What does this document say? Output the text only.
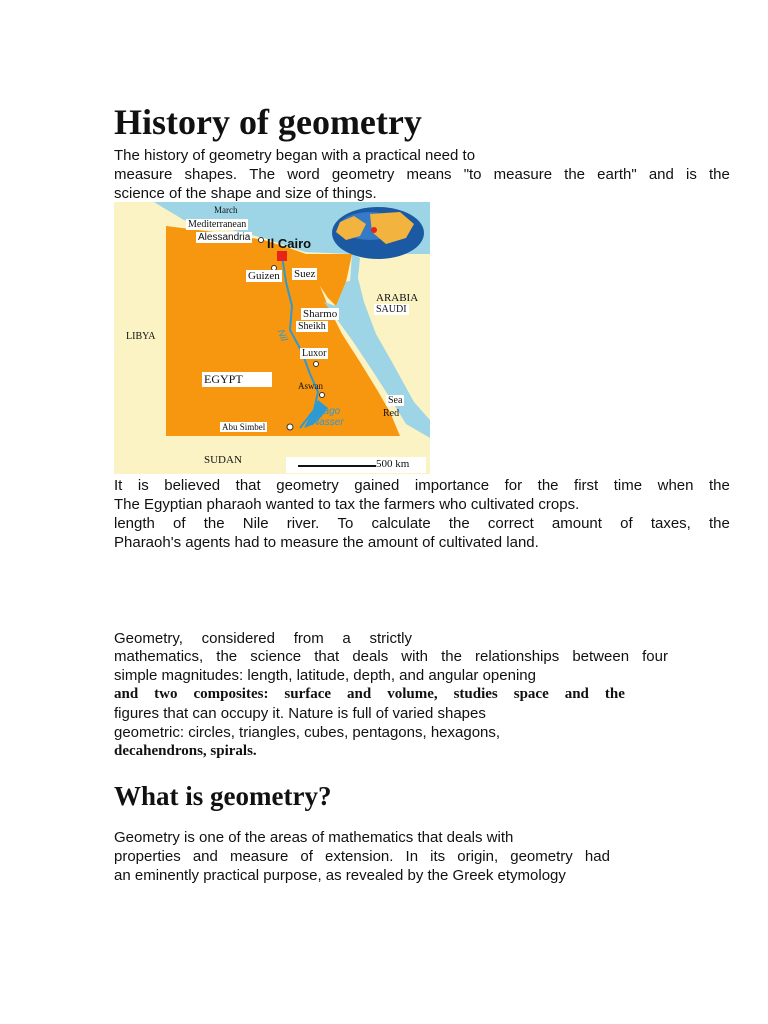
History of geometry
The history of geometry began with a practical need to
measure shapes. The word geometry means "to measure the earth" and is the
science of the shape and size of things.
March
Mediterranean
Alessandria Il Cairo
Guizen Suez
ARABIA
SAUDI
LIBYA
Sharmo
Sheikh
Nil
Luxor
EGYPT	Aswan
Sea
Red
Lago
Nasser
Abu Simbel
SUDAN	500 km
It is believed that geometry gained importance for the first time when the
The Egyptian pharaoh wanted to tax the farmers who cultivated crops.
length of the Nile river. To calculate the correct amount of taxes, the
Pharaoh's agents had to measure the amount of cultivated land.
Geometry, considered from a strictly
mathematics, the science that deals with the relationships between four
simple magnitudes: length, latitude, depth, and angular opening
and two composites: surface and volume, studies space and the
figures that can occupy it. Nature is full of varied shapes
geometric: circles, triangles, cubes, pentagons, hexagons,
decahendrons, spirals.
What is geometry?
Geometry is one of the areas of mathematics that deals with
properties and measure of extension. In its origin, geometry had
an eminently practical purpose, as revealed by the Greek etymology
